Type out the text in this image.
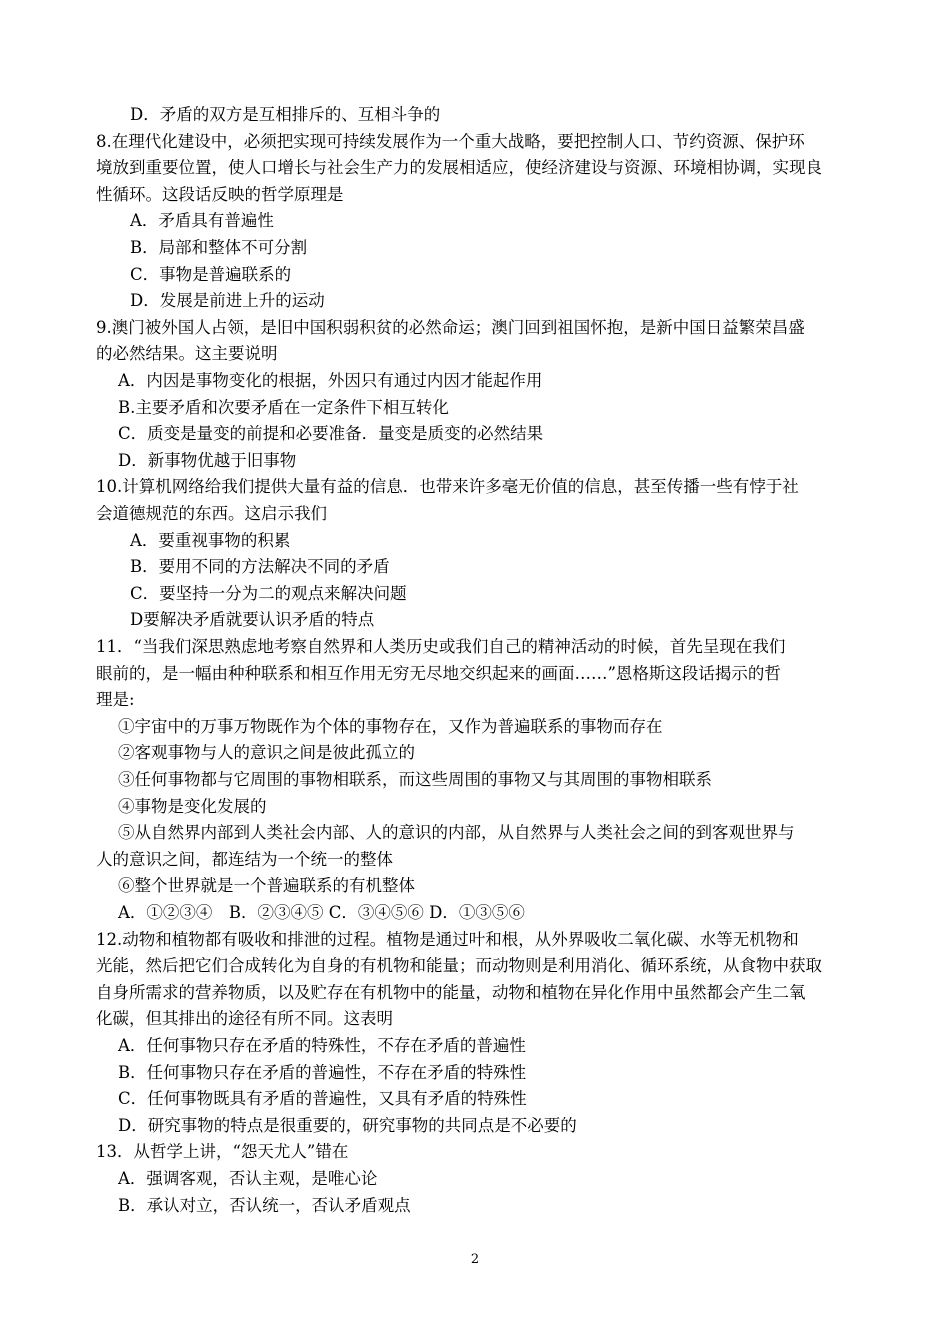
D．矛盾的双方是互相排斥的、互相斗争的
8.在理代化建设中，必须把实现可持续发展作为一个重大战略，要把控制人口、节约资源、保护环
境放到重要位置，使人口增长与社会生产力的发展相适应，使经济建设与资源、环境相协调，实现良
性循环。这段话反映的哲学原理是
A．矛盾具有普遍性
B．局部和整体不可分割
C．事物是普遍联系的
D．发展是前进上升的运动
9.澳门被外国人占领，是旧中国积弱积贫的必然命运；澳门回到祖国怀抱，是新中国日益繁荣昌盛
的必然结果。这主要说明
A．内因是事物变化的根据，外因只有通过内因才能起作用
B.主要矛盾和次要矛盾在一定条件下相互转化
C．质变是量变的前提和必要准备．量变是质变的必然结果
D．新事物优越于旧事物
10.计算机网络给我们提供大量有益的信息．也带来许多毫无价值的信息，甚至传播一些有悖于社
会道德规范的东西。这启示我们
A．要重视事物的积累
B．要用不同的方法解决不同的矛盾
C．要坚持一分为二的观点来解决问题
D要解决矛盾就要认识矛盾的特点
11．“当我们深思熟虑地考察自然界和人类历史或我们自己的精神活动的时候，首先呈现在我们
眼前的，是一幅由种种联系和相互作用无穷无尽地交织起来的画面……”恩格斯这段话揭示的哲
理是:
①宇宙中的万事万物既作为个体的事物存在，又作为普遍联系的事物而存在
②客观事物与人的意识之间是彼此孤立的
③任何事物都与它周围的事物相联系，而这些周围的事物又与其周围的事物相联系
④事物是变化发展的
⑤从自然界内部到人类社会内部、人的意识的内部，从自然界与人类社会之间的到客观世界与
人的意识之间，都连结为一个统一的整体
⑥整个世界就是一个普遍联系的有机整体
A．①②③④　B．②③④⑤ C．③④⑤⑥ D．①③⑤⑥
12.动物和植物都有吸收和排泄的过程。植物是通过叶和根，从外界吸收二氧化碳、水等无机物和
光能，然后把它们合成转化为自身的有机物和能量；而动物则是利用消化、循环系统，从食物中获取
自身所需求的营养物质，以及贮存在有机物中的能量，动物和植物在异化作用中虽然都会产生二氧
化碳，但其排出的途径有所不同。这表明
A．任何事物只存在矛盾的特殊性，不存在矛盾的普遍性
B．任何事物只存在矛盾的普遍性，不存在矛盾的特殊性
C．任何事物既具有矛盾的普遍性，又具有矛盾的特殊性
D．研究事物的特点是很重要的，研究事物的共同点是不必要的
13．从哲学上讲，“怨天尤人”错在
A．强调客观，否认主观，是唯心论
B．承认对立，否认统一，否认矛盾观点
2
